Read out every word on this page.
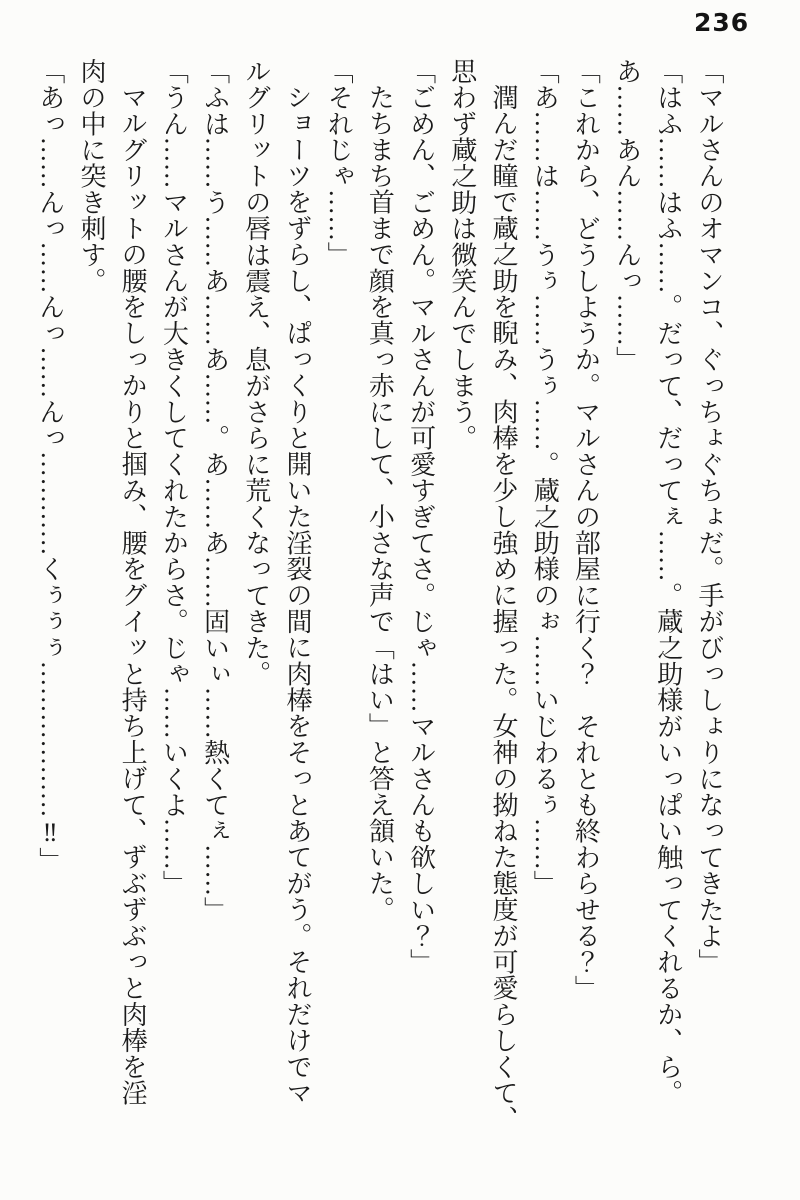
236

「マルさんのオマンコ、ぐっちょぐちょだ。手がびっしょりになってきたよ」

「はふ……はふ……。だって、だってぇ……。蔵之助様がいっぱい触ってくれるか、ら。

あ……あん……んっ……」

「これから、どうしようか。マルさんの部屋に行く？　それとも終わらせる？」

「あ……は……うぅ……うぅ……。蔵之助様のぉ……いじわるぅ……」

潤んだ瞳で蔵之助を睨み、肉棒を少し強めに握った。女神の拗ねた態度が可愛らしくて、

思わず蔵之助は微笑んでしまう。

「ごめん、ごめん。マルさんが可愛すぎてさ。じゃ……マルさんも欲しい？」

たちまち首まで顔を真っ赤にして、小さな声で「はい」と答え頷いた。

「それじゃ……」

ショーツをずらし、ぱっくりと開いた淫裂の間に肉棒をそっとあてがう。それだけでマ

ルグリットの唇は震え、息がさらに荒くなってきた。

「ふは……う……あ……あ……。あ……あ……固いぃ……熱くてぇ……」

「うん……マルさんが大きくしてくれたからさ。じゃ……いくよ……」

マルグリットの腰をしっかりと掴み、腰をグイッと持ち上げて、ずぶずぶっと肉棒を淫

肉の中に突き刺す。

「あっ……んっ……んっ……んっ…………くぅぅぅ………………‼」
